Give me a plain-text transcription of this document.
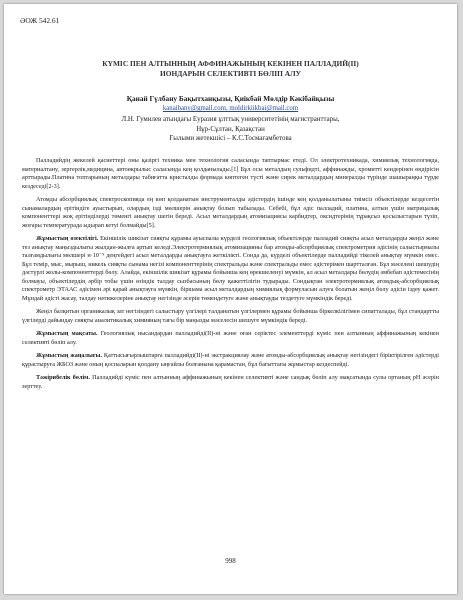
ӘОЖ 542.61
КҮМІС ПЕН АЛТЫННЫҢ АФФИНАЖЫНЫҢ КЕКІНЕН ПАЛЛАДИЙ(ІІ)
ИОНДАРЫН СЕЛЕКТИВТІ БӨЛІП АЛУ
Қанай Гүлбану Бақытханқызы, Қиікбай Мөлдір Кәкібайқызы
kanaibany@gmail.com, moldirkiikbai@mail.com
Л.Н. Гумилев атындағы Еуразия ұлттық университетінің магистранттары,
Нұр-Сұлтан, Қазақстан
Ғылыми жетекшісі – К.С.Тосмағамбетова

Палладийдің жекелей қасиеттері оны қазіргі техника мен технология саласында таптырмас етеді. Ол электротехникада, химиялық технологияда, материалтану, зергерлік,медицина, автоөкрылыс саласында кең қолданылады.[1] Бұл осы металдың сульфидті, аффинажды, хромитті кендерінен өндірісін арттырады.Платина топтарының металдары табиғатта кристалды формада көптеген түсті және сирек металдардың минералды түрінде шашыраңқы түрде кездеседі[2-3].

Атомды абсорбциялық спектроскопияда ең көп қолданатын инструменталды әдістердің ішінде кең қолданылатыны тиімсіз объектілерде кездесетін сынамалардың ерітіндіге ауыстырып, олардың ізді мөлшерін анықтау болып табылады. Себебі, бұл әдіс палладий, платина, алтын үшін матрицалық компоненттері жоқ ерітінділерді төменгі анықтау шегін береді. Асыл металдардың атомизациясы карбидтер, оксидтерінің тұрақсыз қосылыстарын түзіп, жоғары температурада ыдырап кетуі болмайды[5].

Жұмыстың өзектілігі. Екіншілік шикізат сияқты құрамы ауыспалы күрделі геологиялық объектілерде палладий сияқты асыл металдарды жеңіл және тез анықтау маңыздылығы жылдан-жылға артып келеді.Электротермиялық атомизацияны бар атомды-абсорбциялық спектрометрия әдісінің салыстырмалы талғамдылығы мөлшері н·10⁻⁹ деңгейдегі асыл металдарды анықтауға жеткілікті. Сонда да, күрделі объектілерде палладийді тікелей анықтау мүмкін емес. Бұл темір, мыс, мырыш, никель сияқты сынама негізі компоненттерінің спектральды және спектральды емес әдістерімен шартталған. Бұл мәселені шешудің дәстүрлі жолы-компоненттерді бөлу. Алайда, екіншілік шикізат құрамы бойынша кең өрекшеленуі мүмкін, ал асыл металдары бөлудің әмбебап әдістемесінің болмауы, объектілердің әрбір тобы үшін өзіндік талдау сызбасының бөлу қажеттілігін тудырады. Сондықтан электротермиялық атомдық-абсорбциялық спектрометр ЭТААС әдісімен әрі қарай анықтауға мүмкін, біршама асыл металдардың химиялық формуласын алуға болатын жеңіл бөлу әдісін іздеу қажет. Мұндай әдісті жасау, талдау нәтижелеріне анықтау негізінде әсерін төмендетуге және анықтауды тездетуге мүмкіндік береді.

Жеңіл балқитын органикалық зат негізіндегі салыстыру үлгілері талданатын үлгілермен құрамы бойынша біркелкілігімен сипатталады, бұл стандартты үлгілерді дайындау сияқты аналитикалық химияның тағы бір маңызды мәселесін шешуге мүмкіндік береді.

Жұмыстың мақсаты. Геологиялық нысандардан палладийді(ІІ)-ні және оған серіктес элементтерді күміс пен алтынның аффинажының кекінен селективті бөліп алу.

Жұмыстың жаңалығы. Қаттысығырлыштарға палладийді(ІІ)-ні экстракциялау және атомды-абсорбциялық анықтау негізіндегі біріктірілген әдістерді құрастыруға ЖБОЗ және оның қоспаларын қолдану ыңғайлы болғанына қарамастан, бұл бағыттағы жұмыстар кездеспейді.

Тәжірибелік бөлім. Палладийді күміс пен алтынның аффинажының кекінен селективті және сандық бөліп алу мақсатында сулы ортаның рН әсерін зерттеу.

998
